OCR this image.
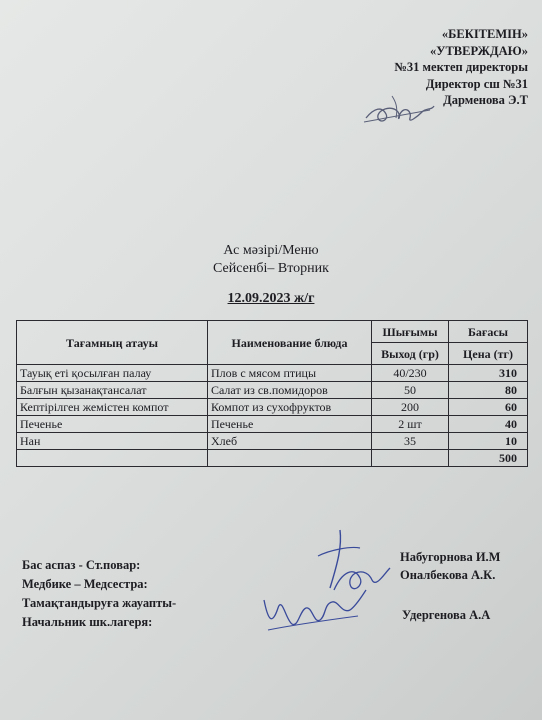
«БЕКІТЕМІН»
«УТВЕРЖДАЮ»
№31 мектеп директоры
Директор сш №31
Дарменова Э.Т
Ас мәзірі/Меню
Сейсенбі– Вторник
12.09.2023 ж/г
Тағамның атауы	Наименование блюда	Шығымы	Бағасы
		Выход (гр)	Цена (тг)
Тауық еті қосылған палау	Плов с мясом птицы	40/230	310
Балғын қызанақтансалат	Салат из св.помидоров	50	80
Кептірілген жемістен компот	Компот из сухофруктов	200	60
Печенье	Печенье	2 шт	40
Нан	Хлеб	35	10
			500
Бас аспаз - Ст.повар:
Медбике – Медсестра:
Тамақтандыруға жауапты-
Начальник шк.лагеря:
Набугорнова И.М
Оналбекова А.К.
Удергенова А.А
